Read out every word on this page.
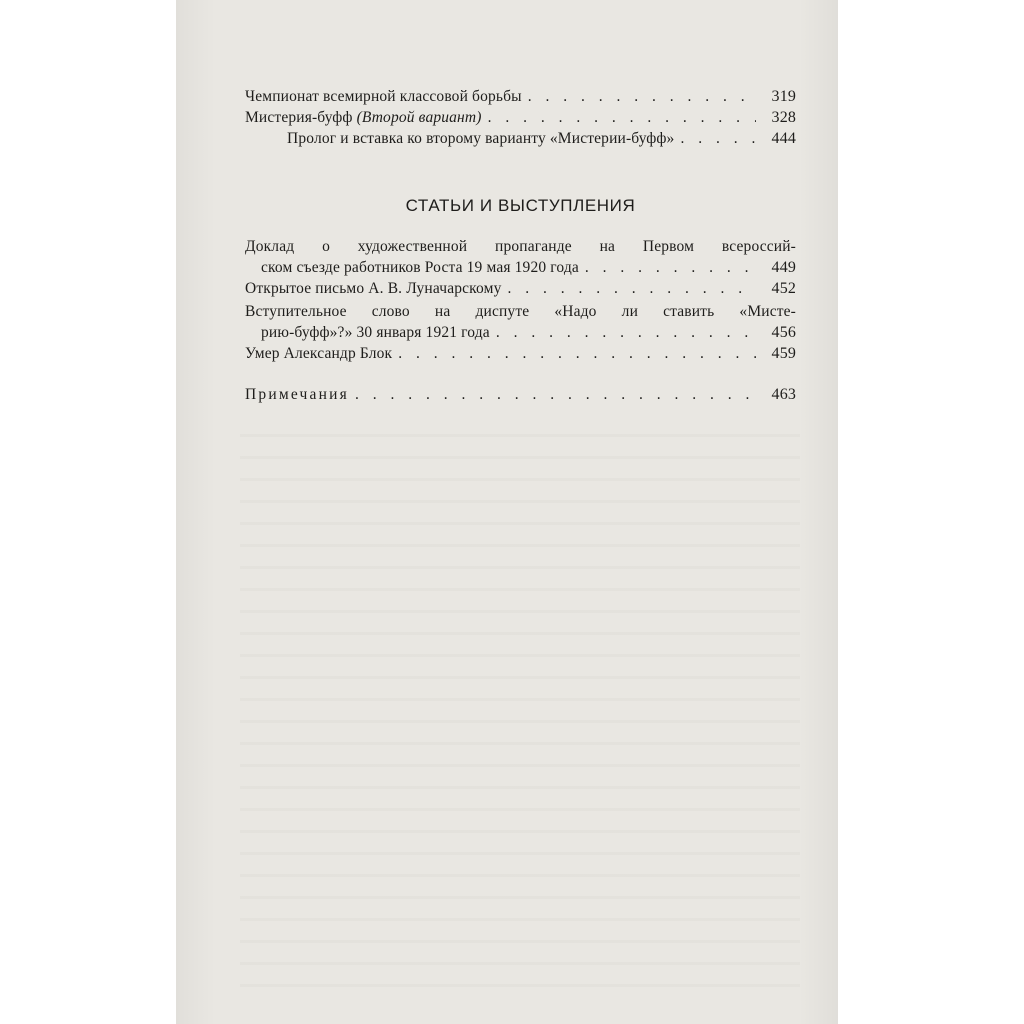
Чемпионат всемирной классовой борьбы . . .	319
Мистерия-буфф (Второй вариант) . . .	328
Пролог и вставка ко второму варианту «Мистерии-буфф» . . .	444
СТАТЬИ И ВЫСТУПЛЕНИЯ
Доклад о художественной пропаганде на Первом всероссий-
ском съезде работников Роста 19 мая 1920 года . . .	449
Открытое письмо А. В. Луначарскому . . .	452
Вступительное слово на диспуте «Надо ли ставить «Мисте-
рию-буфф»?» 30 января 1921 года . . .	456
Умер Александр Блок . . .	459
Примечания . . .	463
